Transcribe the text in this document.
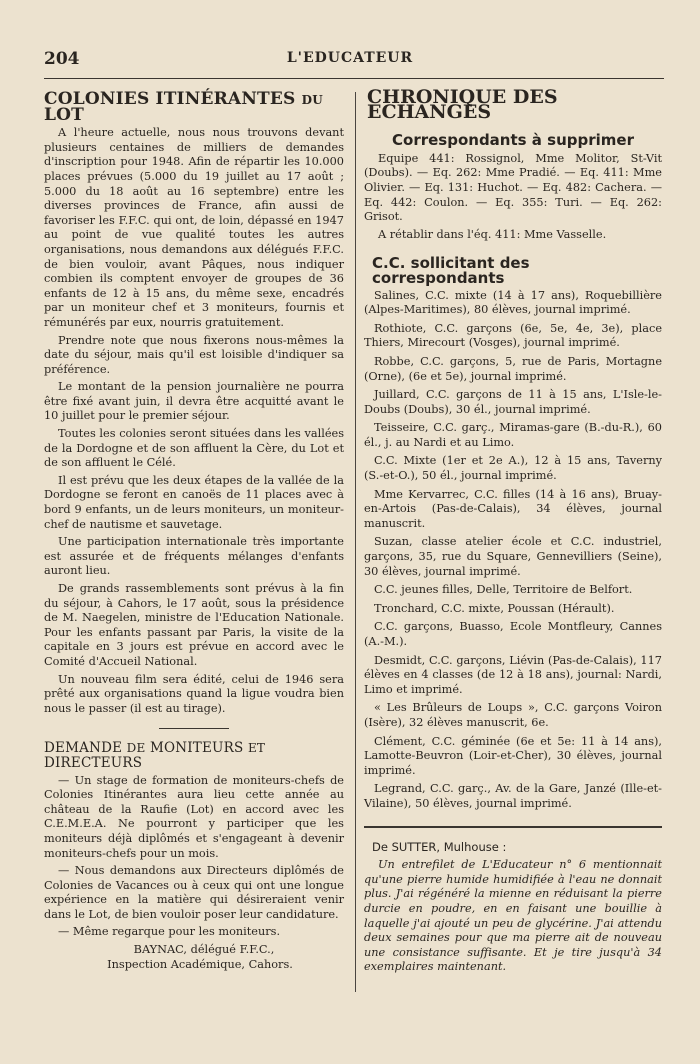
204	L'EDUCATEUR
COLONIES ITINÉRANTES DU LOT

A l'heure actuelle, nous nous trouvons devant plusieurs centaines de milliers de demandes d'inscription pour 1948. Afin de répartir les 10.000 places prévues (5.000 du 19 juillet au 17 août ; 5.000 du 18 août au 16 septembre) entre les diverses provinces de France, afin aussi de favoriser les F.F.C. qui ont, de loin, dépassé en 1947 au point de vue qualité toutes les autres organisations, nous demandons aux délégués F.F.C. de bien vouloir, avant Pâques, nous indiquer combien ils comptent envoyer de groupes de 36 enfants de 12 à 15 ans, du même sexe, encadrés par un moniteur chef et 3 moniteurs, fournis et rémunérés par eux, nourris gratuitement.

Prendre note que nous fixerons nous-mêmes la date du séjour, mais qu'il est loisible d'indiquer sa préférence.

Le montant de la pension journalière ne pourra être fixé avant juin, il devra être acquitté avant le 10 juillet pour le premier séjour.

Toutes les colonies seront situées dans les vallées de la Dordogne et de son affluent la Cère, du Lot et de son affluent le Célé.

Il est prévu que les deux étapes de la vallée de la Dordogne se feront en canoës de 11 places avec à bord 9 enfants, un de leurs moniteurs, un moniteur-chef de nautisme et sauvetage.

Une participation internationale très importante est assurée et de fréquents mélanges d'enfants auront lieu.

De grands rassemblements sont prévus à la fin du séjour, à Cahors, le 17 août, sous la présidence de M. Naegelen, ministre de l'Education Nationale. Pour les enfants passant par Paris, la visite de la capitale en 3 jours est prévue en accord avec le Comité d'Accueil National.

Un nouveau film sera édité, celui de 1946 sera prêté aux organisations quand la ligue voudra bien nous le passer (il est au tirage).

DEMANDE DE MONITEURS ET DIRECTEURS

— Un stage de formation de moniteurs-chefs de Colonies Itinérantes aura lieu cette année au château de la Raufie (Lot) en accord avec les C.E.M.E.A. Ne pourront y participer que les moniteurs déjà diplômés et s'engageant à devenir moniteurs-chefs pour un mois.

— Nous demandons aux Directeurs diplômés de Colonies de Vacances ou à ceux qui ont une longue expérience en la matière qui désireraient venir dans le Lot, de bien vouloir poser leur candidature.

— Même regarque pour les moniteurs.

BAYNAC, délégué F.F.C.,

Inspection Académique, Cahors.

CHRONIQUE DES ECHANGES
Correspondants à supprimer

Equipe 441: Rossignol, Mme Molitor, St-Vit (Doubs). — Eq. 262: Mme Pradié. — Eq. 411: Mme Olivier. — Eq. 131: Huchot. — Eq. 482: Cachera. — Eq. 442: Coulon. — Eq. 355: Turi. — Eq. 262: Grisot.

A rétablir dans l'éq. 411: Mme Vasselle.

C.C. sollicitant des correspondants
Salines, C.C. mixte (14 à 17 ans), Roquebillière (Alpes-Maritimes), 80 élèves, journal imprimé.
Rothiote, C.C. garçons (6e, 5e, 4e, 3e), place Thiers, Mirecourt (Vosges), journal imprimé.
Robbe, C.C. garçons, 5, rue de Paris, Mortagne (Orne), (6e et 5e), journal imprimé.
Juillard, C.C. garçons de 11 à 15 ans, L'Isle-le-Doubs (Doubs), 30 él., journal imprimé.
Teisseire, C.C. garç., Miramas-gare (B.-du-R.), 60 él., j. au Nardi et au Limo.
C.C. Mixte (1er et 2e A.), 12 à 15 ans, Taverny (S.-et-O.), 50 él., journal imprimé.
Mme Kervarrec, C.C. filles (14 à 16 ans), Bruay-en-Artois (Pas-de-Calais), 34 élèves, journal manuscrit.
Suzan, classe atelier école et C.C. industriel, garçons, 35, rue du Square, Gennevilliers (Seine), 30 élèves, journal imprimé.
C.C. jeunes filles, Delle, Territoire de Belfort.
Tronchard, C.C. mixte, Poussan (Hérault).
C.C. garçons, Buasso, Ecole Montfleury, Cannes (A.-M.).
Desmidt, C.C. garçons, Liévin (Pas-de-Calais), 117 élèves en 4 classes (de 12 à 18 ans), journal: Nardi, Limo et imprimé.
« Les Brûleurs de Loups », C.C. garçons Voiron (Isère), 32 élèves manuscrit, 6e.
Clément, C.C. géminée (6e et 5e: 11 à 14 ans), Lamotte-Beuvron (Loir-et-Cher), 30 élèves, journal imprimé.
Legrand, C.C. garç., Av. de la Gare, Janzé (Ille-et-Vilaine), 50 élèves, journal imprimé.
De SUTTER, Mulhouse :

Un entrefilet de L'Educateur n° 6 mentionnait qu'une pierre humide humidifiée à l'eau ne donnait plus. J'ai régénéré la mienne en réduisant la pierre durcie en poudre, en en faisant une bouillie à laquelle j'ai ajouté un peu de glycérine. J'ai attendu deux semaines pour que ma pierre ait de nouveau une consistance suffisante. Et je tire jusqu'à 34 exemplaires maintenant.
